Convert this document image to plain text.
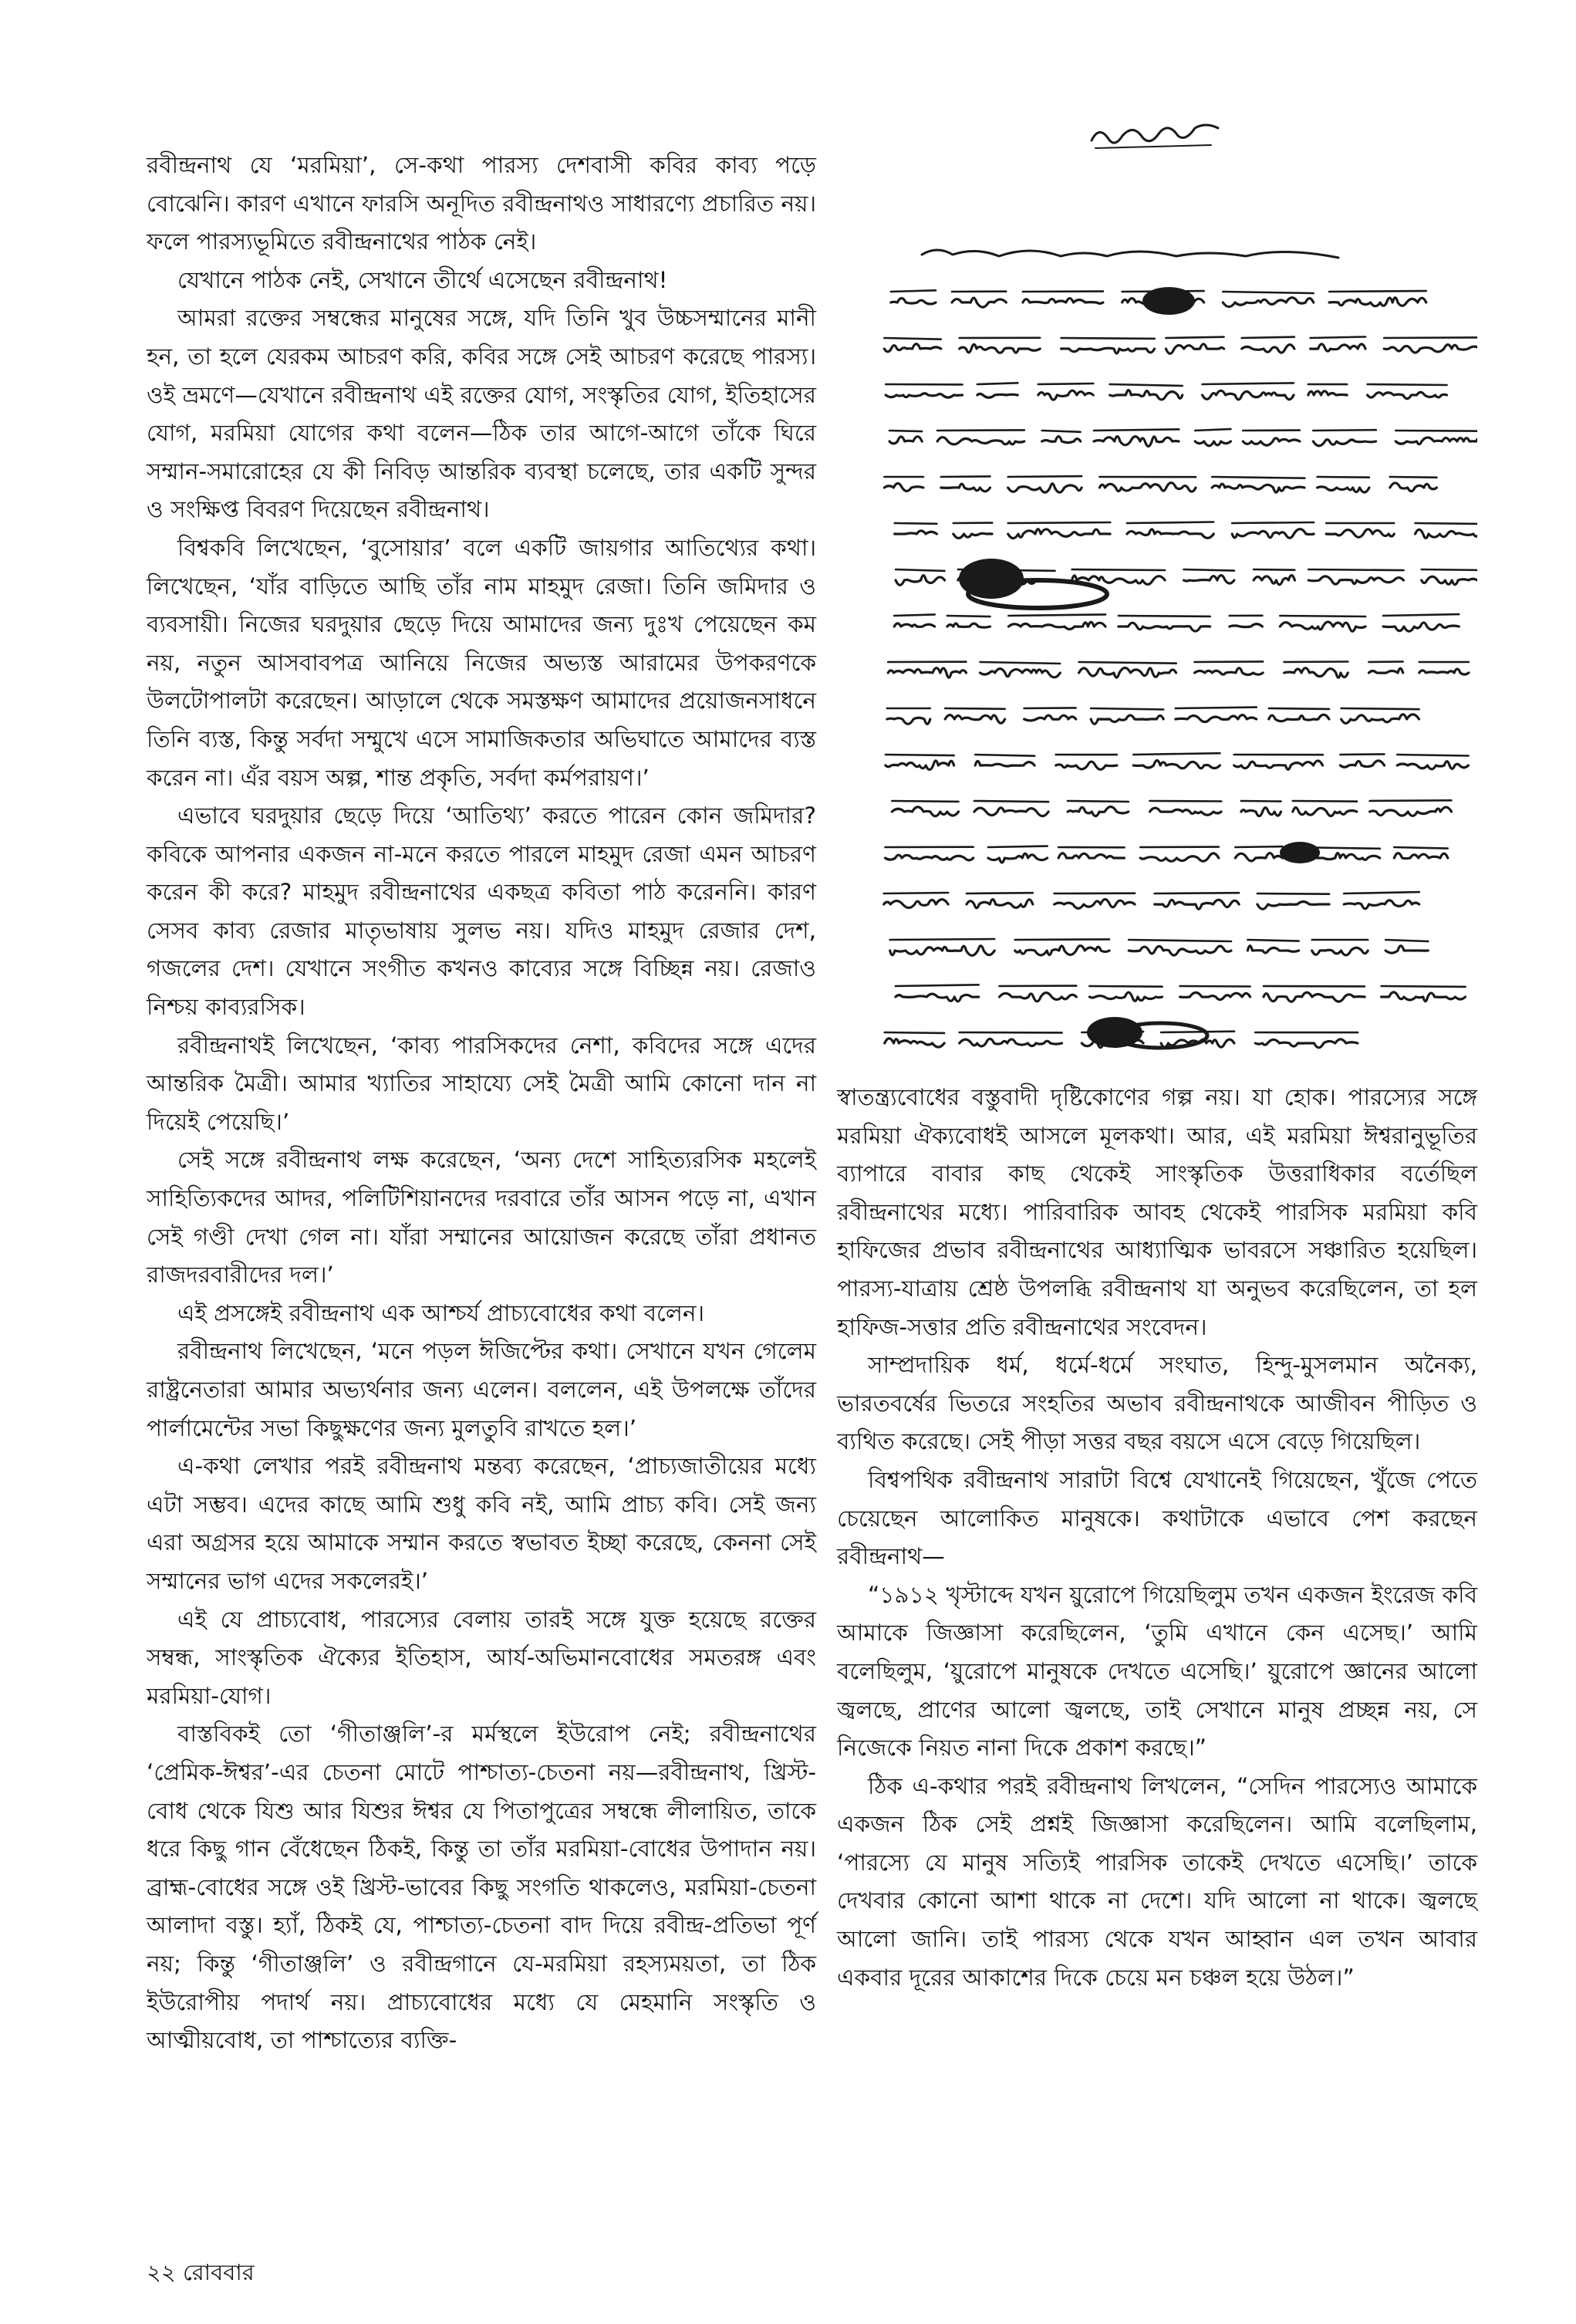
রবীন্দ্রনাথ যে ‘মরমিয়া’, সে-কথা পারস্য দেশবাসী কবির কাব্য পড়ে বোঝেনি। কারণ এখানে ফারসি অনূদিত রবীন্দ্রনাথও সাধারণ্যে প্রচারিত নয়। ফলে পারস্যভূমিতে রবীন্দ্রনাথের পাঠক নেই।

যেখানে পাঠক নেই, সেখানে তীর্থে এসেছেন রবীন্দ্রনাথ!

আমরা রক্তের সম্বন্ধের মানুষের সঙ্গে, যদি তিনি খুব উচ্চসম্মানের মানী হন, তা হলে যেরকম আচরণ করি, কবির সঙ্গে সেই আচরণ করেছে পারস্য। ওই ভ্রমণে—যেখানে রবীন্দ্রনাথ এই রক্তের যোগ, সংস্কৃতির যোগ, ইতিহাসের যোগ, মরমিয়া যোগের কথা বলেন—ঠিক তার আগে-আগে তাঁকে ঘিরে সম্মান-সমারোহের যে কী নিবিড় আন্তরিক ব্যবস্থা চলেছে, তার একটি সুন্দর ও সংক্ষিপ্ত বিবরণ দিয়েছেন রবীন্দ্রনাথ।

বিশ্বকবি লিখেছেন, ‘বুসোয়ার’ বলে একটি জায়গার আতিথ্যের কথা। লিখেছেন, ‘যাঁর বাড়িতে আছি তাঁর নাম মাহমুদ রেজা। তিনি জমিদার ও ব্যবসায়ী। নিজের ঘরদুয়ার ছেড়ে দিয়ে আমাদের জন্য দুঃখ পেয়েছেন কম নয়, নতুন আসবাবপত্র আনিয়ে নিজের অভ্যস্ত আরামের উপকরণকে উলটোপালটা করেছেন। আড়ালে থেকে সমস্তক্ষণ আমাদের প্রয়োজনসাধনে তিনি ব্যস্ত, কিন্তু সর্বদা সম্মুখে এসে সামাজিকতার অভিঘাতে আমাদের ব্যস্ত করেন না। এঁর বয়স অল্প, শান্ত প্রকৃতি, সর্বদা কর্মপরায়ণ।’

এভাবে ঘরদুয়ার ছেড়ে দিয়ে ‘আতিথ্য’ করতে পারেন কোন জমিদার? কবিকে আপনার একজন না-মনে করতে পারলে মাহমুদ রেজা এমন আচরণ করেন কী করে? মাহমুদ রবীন্দ্রনাথের একছত্র কবিতা পাঠ করেননি। কারণ সেসব কাব্য রেজার মাতৃভাষায় সুলভ নয়। যদিও মাহমুদ রেজার দেশ, গজলের দেশ। যেখানে সংগীত কখনও কাব্যের সঙ্গে বিচ্ছিন্ন নয়। রেজাও নিশ্চয় কাব্যরসিক।

রবীন্দ্রনাথই লিখেছেন, ‘কাব্য পারসিকদের নেশা, কবিদের সঙ্গে এদের আন্তরিক মৈত্রী। আমার খ্যাতির সাহায্যে সেই মৈত্রী আমি কোনো দান না দিয়েই পেয়েছি।’

সেই সঙ্গে রবীন্দ্রনাথ লক্ষ করেছেন, ‘অন্য দেশে সাহিত্যরসিক মহলেই সাহিত্যিকদের আদর, পলিটিশিয়ানদের দরবারে তাঁর আসন পড়ে না, এখান সেই গণ্ডী দেখা গেল না। যাঁরা সম্মানের আয়োজন করেছে তাঁরা প্রধানত রাজদরবারীদের দল।’

এই প্রসঙ্গেই রবীন্দ্রনাথ এক আশ্চর্য প্রাচ্যবোধের কথা বলেন।

রবীন্দ্রনাথ লিখেছেন, ‘মনে পড়ল ঈজিপ্টের কথা। সেখানে যখন গেলেম রাষ্ট্রনেতারা আমার অভ্যর্থনার জন্য এলেন। বললেন, এই উপলক্ষে তাঁদের পার্লামেন্টের সভা কিছুক্ষণের জন্য মুলতুবি রাখতে হল।’

এ-কথা লেখার পরই রবীন্দ্রনাথ মন্তব্য করেছেন, ‘প্রাচ্যজাতীয়ের মধ্যে এটা সম্ভব। এদের কাছে আমি শুধু কবি নই, আমি প্রাচ্য কবি। সেই জন্য এরা অগ্রসর হয়ে আমাকে সম্মান করতে স্বভাবত ইচ্ছা করেছে, কেননা সেই সম্মানের ভাগ এদের সকলেরই।’

এই যে প্রাচ্যবোধ, পারস্যের বেলায় তারই সঙ্গে যুক্ত হয়েছে রক্তের সম্বন্ধ, সাংস্কৃতিক ঐক্যের ইতিহাস, আর্য-অভিমানবোধের সমতরঙ্গ এবং মরমিয়া-যোগ।

বাস্তবিকই তো ‘গীতাঞ্জলি’-র মর্মস্থলে ইউরোপ নেই; রবীন্দ্রনাথের ‘প্রেমিক-ঈশ্বর’-এর চেতনা মোটে পাশ্চাত্য-চেতনা নয়—রবীন্দ্রনাথ, খ্রিস্ট-বোধ থেকে যিশু আর যিশুর ঈশ্বর যে পিতাপুত্রের সম্বন্ধে লীলায়িত, তাকে ধরে কিছু গান বেঁধেছেন ঠিকই, কিন্তু তা তাঁর মরমিয়া-বোধের উপাদান নয়। ব্রাহ্ম-বোধের সঙ্গে ওই খ্রিস্ট-ভাবের কিছু সংগতি থাকলেও, মরমিয়া-চেতনা আলাদা বস্তু। হ্যাঁ, ঠিকই যে, পাশ্চাত্য-চেতনা বাদ দিয়ে রবীন্দ্র-প্রতিভা পূর্ণ নয়; কিন্তু ‘গীতাঞ্জলি’ ও রবীন্দ্রগানে যে-মরমিয়া রহস্যময়তা, তা ঠিক ইউরোপীয় পদার্থ নয়। প্রাচ্যবোধের মধ্যে যে মেহমানি সংস্কৃতি ও আত্মীয়বোধ, তা পাশ্চাত্যের ব্যক্তি-

স্বাতন্ত্র্যবোধের বস্তুবাদী দৃষ্টিকোণের গল্প নয়। যা হোক। পারস্যের সঙ্গে মরমিয়া ঐক্যবোধই আসলে মূলকথা। আর, এই মরমিয়া ঈশ্বরানুভূতির ব্যাপারে বাবার কাছ থেকেই সাংস্কৃতিক উত্তরাধিকার বর্তেছিল রবীন্দ্রনাথের মধ্যে। পারিবারিক আবহ থেকেই পারসিক মরমিয়া কবি হাফিজের প্রভাব রবীন্দ্রনাথের আধ্যাত্মিক ভাবরসে সঞ্চারিত হয়েছিল। পারস্য-যাত্রায় শ্রেষ্ঠ উপলব্ধি রবীন্দ্রনাথ যা অনুভব করেছিলেন, তা হল হাফিজ-সত্তার প্রতি রবীন্দ্রনাথের সংবেদন।

সাম্প্রদায়িক ধর্ম, ধর্মে-ধর্মে সংঘাত, হিন্দু-মুসলমান অনৈক্য, ভারতবর্ষের ভিতরে সংহতির অভাব রবীন্দ্রনাথকে আজীবন পীড়িত ও ব্যথিত করেছে। সেই পীড়া সত্তর বছর বয়সে এসে বেড়ে গিয়েছিল।

বিশ্বপথিক রবীন্দ্রনাথ সারাটা বিশ্বে যেখানেই গিয়েছেন, খুঁজে পেতে চেয়েছেন আলোকিত মানুষকে। কথাটাকে এভাবে পেশ করছেন রবীন্দ্রনাথ—

“১৯১২ খৃস্টাব্দে যখন য়ুরোপে গিয়েছিলুম তখন একজন ইংরেজ কবি আমাকে জিজ্ঞাসা করেছিলেন, ‘তুমি এখানে কেন এসেছ।’ আমি বলেছিলুম, ‘য়ুরোপে মানুষকে দেখতে এসেছি।’ য়ুরোপে জ্ঞানের আলো জ্বলছে, প্রাণের আলো জ্বলছে, তাই সেখানে মানুষ প্রচ্ছন্ন নয়, সে নিজেকে নিয়ত নানা দিকে প্রকাশ করছে।”

ঠিক এ-কথার পরই রবীন্দ্রনাথ লিখলেন, “সেদিন পারস্যেও আমাকে একজন ঠিক সেই প্রশ্নই জিজ্ঞাসা করেছিলেন। আমি বলেছিলাম, ‘পারস্যে যে মানুষ সত্যিই পারসিক তাকেই দেখতে এসেছি।’ তাকে দেখবার কোনো আশা থাকে না দেশে। যদি আলো না থাকে। জ্বলছে আলো জানি। তাই পারস্য থেকে যখন আহ্বান এল তখন আবার একবার দূরের আকাশের দিকে চেয়ে মন চঞ্চল হয়ে উঠল।”

২২ রোববার
